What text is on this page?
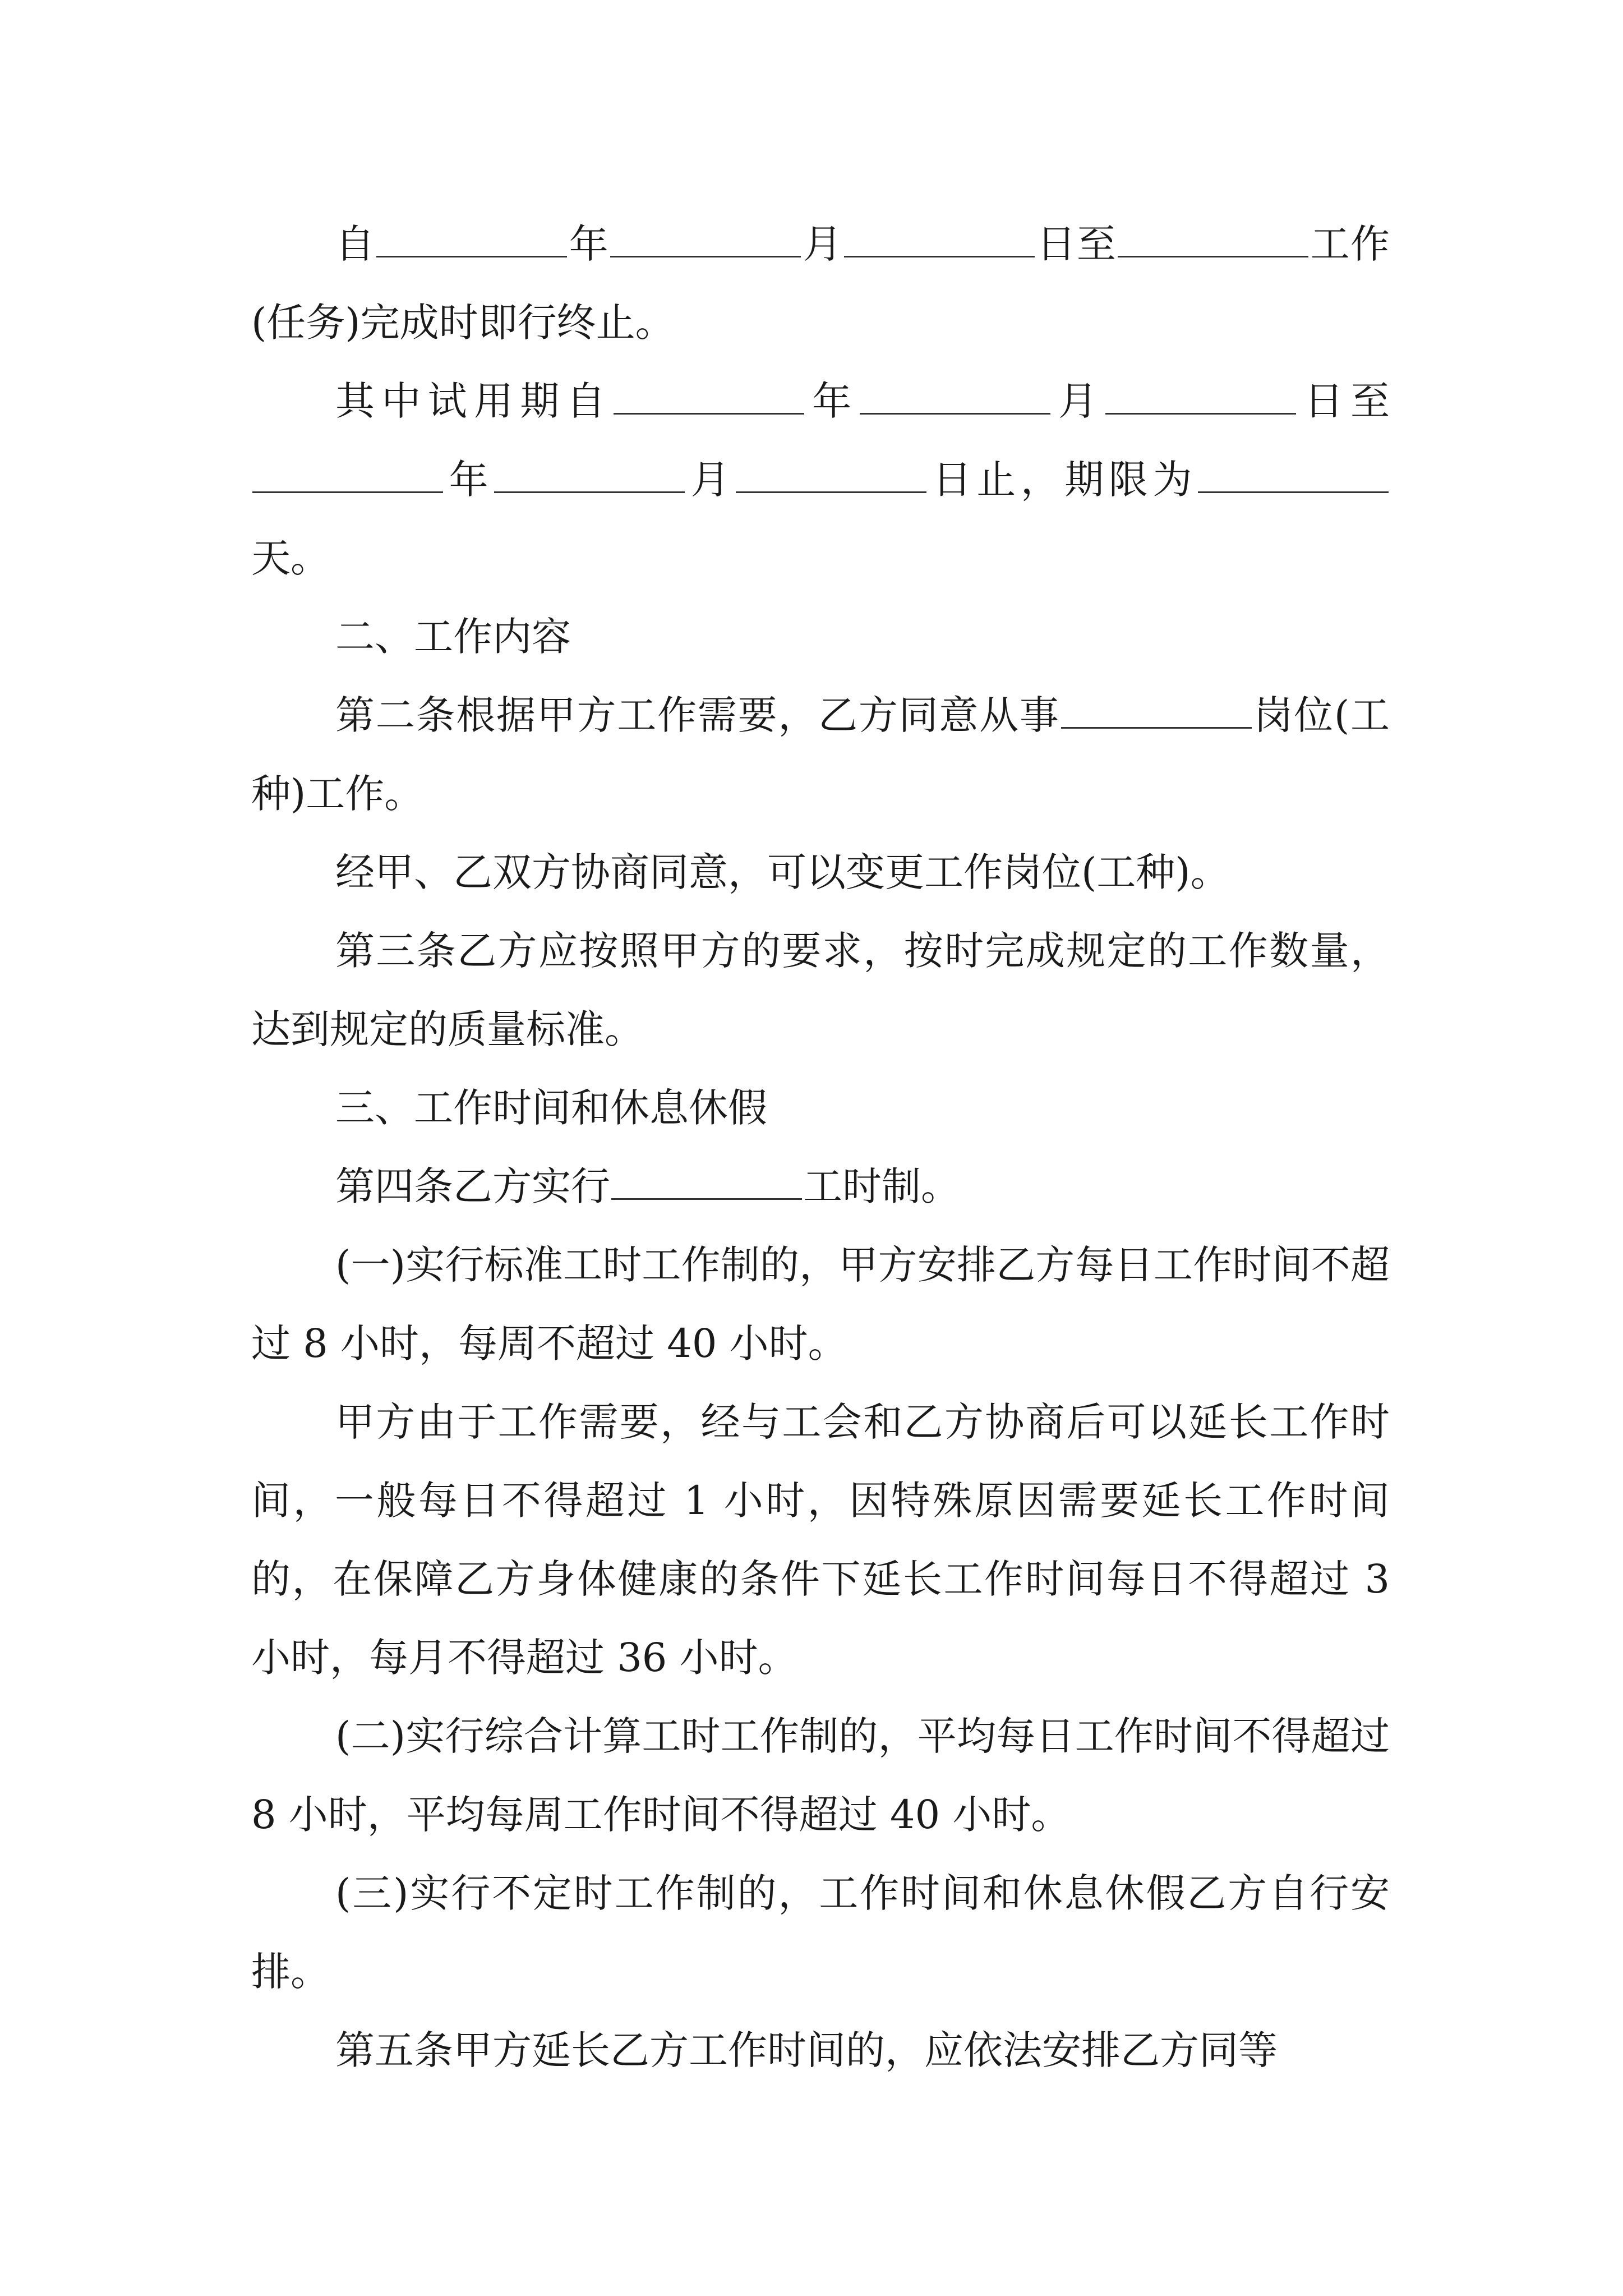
自	年	月	日至	工作(任务)完成时即行终止。

其中试用期自	年	月	日至年	月	日止，期限为天。

二、工作内容

第二条根据甲方工作需要，乙方同意从事	岗位(工种)工作。

经甲、乙双方协商同意，可以变更工作岗位(工种)。

第三条乙方应按照甲方的要求，按时完成规定的工作数量，达到规定的质量标准。

三、工作时间和休息休假

第四条乙方实行	工时制。

(一)实行标准工时工作制的，甲方安排乙方每日工作时间不超过 8 小时，每周不超过 40 小时。

甲方由于工作需要，经与工会和乙方协商后可以延长工作时间，一般每日不得超过 1 小时，因特殊原因需要延长工作时间的，在保障乙方身体健康的条件下延长工作时间每日不得超过 3 小时，每月不得超过 36 小时。

(二)实行综合计算工时工作制的，平均每日工作时间不得超过 8 小时，平均每周工作时间不得超过 40 小时。

(三)实行不定时工作制的，工作时间和休息休假乙方自行安排。

第五条甲方延长乙方工作时间的，应依法安排乙方同等
